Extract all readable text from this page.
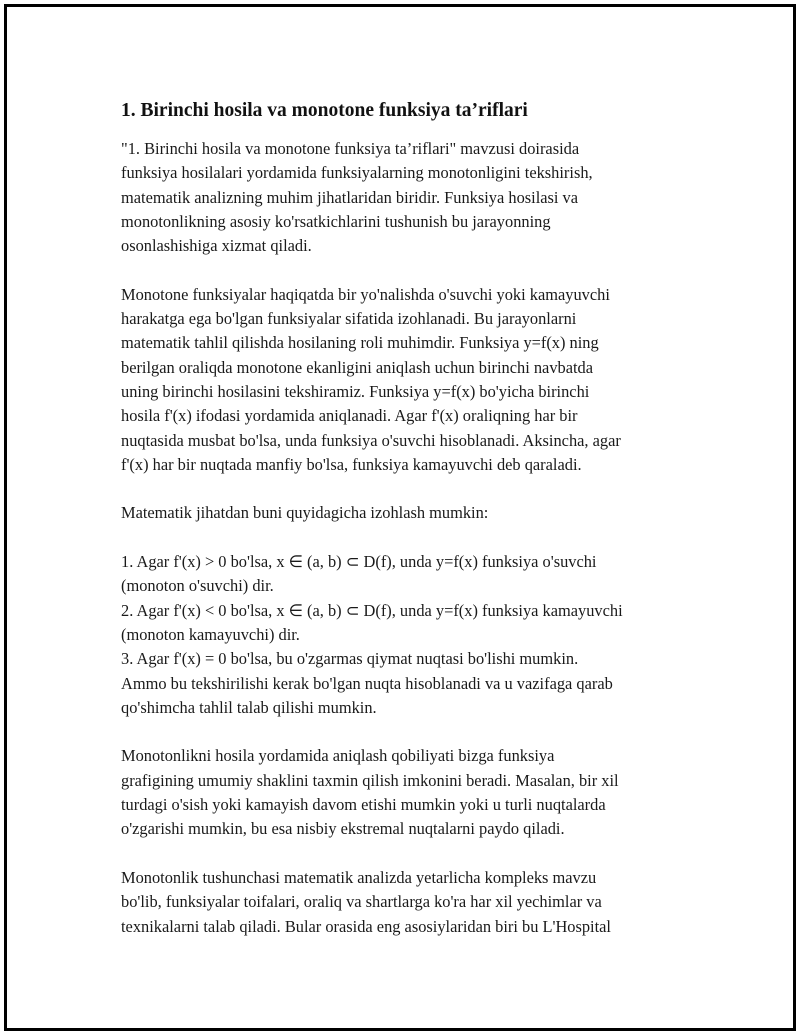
1. Birinchi hosila va monotone funksiya ta’riflari

"1. Birinchi hosila va monotone funksiya ta’riflari" mavzusi doirasida
funksiya hosilalari yordamida funksiyalarning monotonligini tekshirish,
matematik analizning muhim jihatlaridan biridir. Funksiya hosilasi va
monotonlikning asosiy ko'rsatkichlarini tushunish bu jarayonning
osonlashishiga xizmat qiladi.

Monotone funksiyalar haqiqatda bir yo'nalishda o'suvchi yoki kamayuvchi
harakatga ega bo'lgan funksiyalar sifatida izohlanadi. Bu jarayonlarni
matematik tahlil qilishda hosilaning roli muhimdir. Funksiya y=f(x) ning
berilgan oraliqda monotone ekanligini aniqlash uchun birinchi navbatda
uning birinchi hosilasini tekshiramiz. Funksiya y=f(x) bo'yicha birinchi
hosila f'(x) ifodasi yordamida aniqlanadi. Agar f'(x) oraliqning har bir
nuqtasida musbat bo'lsa, unda funksiya o'suvchi hisoblanadi. Aksincha, agar
f'(x) har bir nuqtada manfiy bo'lsa, funksiya kamayuvchi deb qaraladi.

Matematik jihatdan buni quyidagicha izohlash mumkin:

1. Agar f'(x) > 0 bo'lsa, x ∈ (a, b) ⊂ D(f), unda y=f(x) funksiya o'suvchi
(monoton o'suvchi) dir.
2. Agar f'(x) < 0 bo'lsa, x ∈ (a, b) ⊂ D(f), unda y=f(x) funksiya kamayuvchi
(monoton kamayuvchi) dir.
3. Agar f'(x) = 0 bo'lsa, bu o'zgarmas qiymat nuqtasi bo'lishi mumkin.
Ammo bu tekshirilishi kerak bo'lgan nuqta hisoblanadi va u vazifaga qarab
qo'shimcha tahlil talab qilishi mumkin.

Monotonlikni hosila yordamida aniqlash qobiliyati bizga funksiya
grafigining umumiy shaklini taxmin qilish imkonini beradi. Masalan, bir xil
turdagi o'sish yoki kamayish davom etishi mumkin yoki u turli nuqtalarda
o'zgarishi mumkin, bu esa nisbiy ekstremal nuqtalarni paydo qiladi.

Monotonlik tushunchasi matematik analizda yetarlicha kompleks mavzu
bo'lib, funksiyalar toifalari, oraliq va shartlarga ko'ra har xil yechimlar va
texnikalarni talab qiladi. Bular orasida eng asosiylaridan biri bu L'Hospital
